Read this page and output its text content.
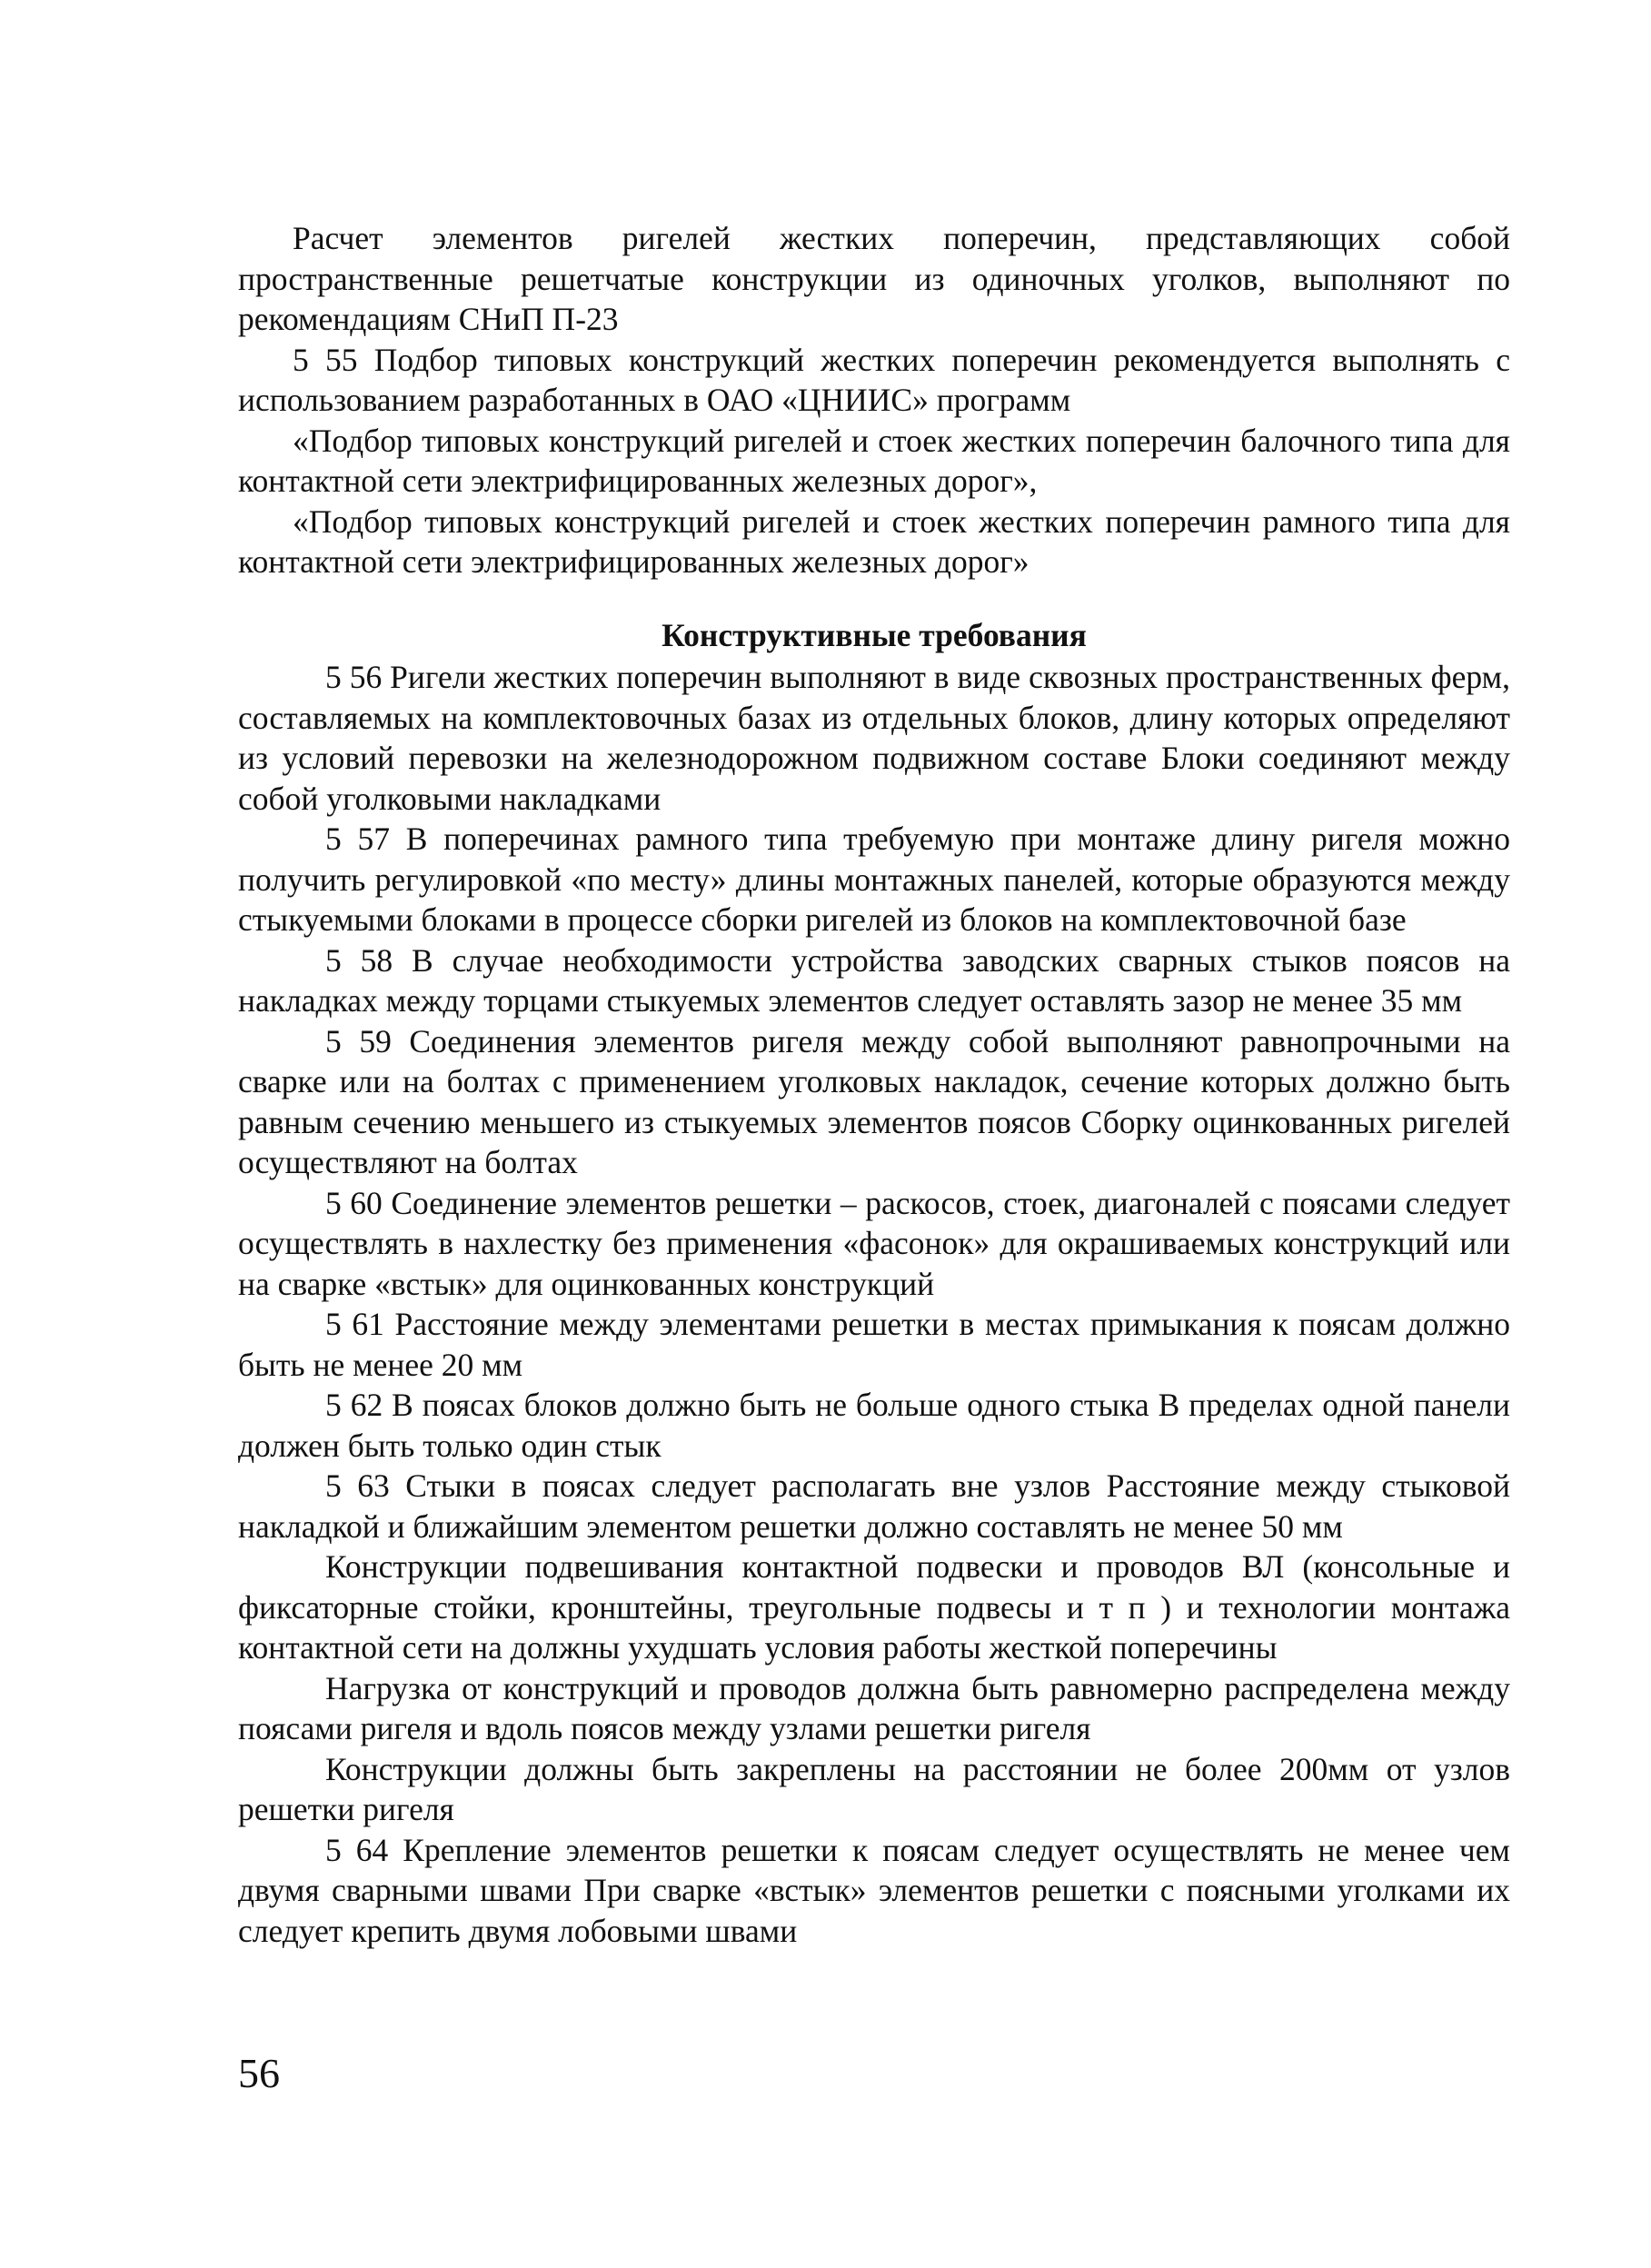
Расчет элементов ригелей жестких поперечин, представляющих собой пространственные решетчатые конструкции из одиночных уголков, выполняют по рекомендациям СНиП П-23

5 55 Подбор типовых конструкций жестких поперечин рекомендуется выполнять с использованием разработанных в ОАО «ЦНИИС» программ

«Подбор типовых конструкций ригелей и стоек жестких поперечин балочного типа для контактной сети электрифицированных железных дорог»,

«Подбор типовых конструкций ригелей и стоек жестких поперечин рамного типа для контактной сети электрифицированных железных дорог»

Конструктивные требования

5 56 Ригели жестких поперечин выполняют в виде сквозных пространственных ферм, составляемых на комплектовочных базах из отдельных блоков, длину которых определяют из условий перевозки на железнодорожном подвижном составе Блоки соединяют между собой уголковыми накладками

5 57 В поперечинах рамного типа требуемую при монтаже длину ригеля можно получить регулировкой «по месту» длины монтажных панелей, которые образуются между стыкуемыми блоками в процессе сборки ригелей из блоков на комплектовочной базе

5 58 В случае необходимости устройства заводских сварных стыков поясов на накладках между торцами стыкуемых элементов следует оставлять зазор не менее 35 мм

5 59 Соединения элементов ригеля между собой выполняют равнопрочными на сварке или на болтах с применением уголковых накладок, сечение которых должно быть равным сечению меньшего из стыкуемых элементов поясов Сборку оцинкованных ригелей осуществляют на болтах

5 60 Соединение элементов решетки – раскосов, стоек, диагоналей с поясами следует осуществлять в нахлестку без применения «фасонок» для окрашиваемых конструкций или на сварке «встык» для оцинкованных конструкций

5 61 Расстояние между элементами решетки в местах примыкания к поясам должно быть не менее 20 мм

5 62 В поясах блоков должно быть не больше одного стыка В пределах одной панели должен быть только один стык

5 63 Стыки в поясах следует располагать вне узлов Расстояние между стыковой накладкой и ближайшим элементом решетки должно составлять не менее 50 мм

Конструкции подвешивания контактной подвески и проводов ВЛ (консольные и фиксаторные стойки, кронштейны, треугольные подвесы и т п ) и технологии монтажа контактной сети на должны ухудшать условия работы жесткой поперечины

Нагрузка от конструкций и проводов должна быть равномерно распределена между поясами ригеля и вдоль поясов между узлами решетки ригеля

Конструкции должны быть закреплены на расстоянии не более 200мм от узлов решетки ригеля

5 64 Крепление элементов решетки к поясам следует осуществлять не менее чем двумя сварными швами При сварке «встык» элементов решетки с поясными уголками их следует крепить двумя лобовыми швами

56
